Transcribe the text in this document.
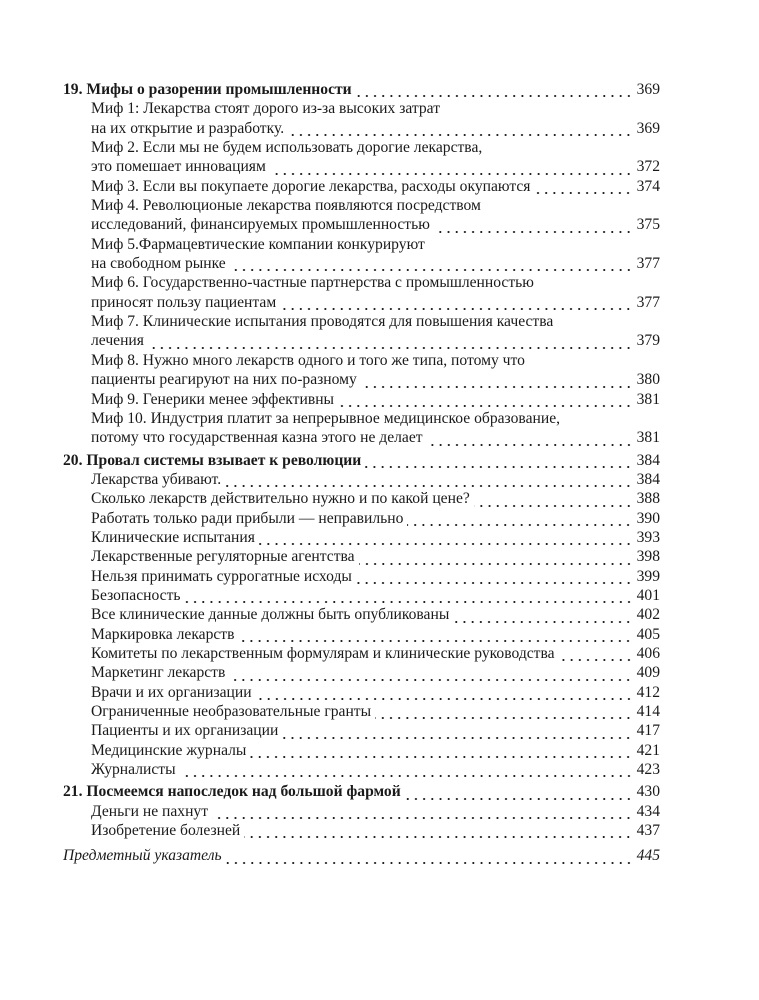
19. Мифы о разорении промышленности	369
Миф 1: Лекарства стоят дорого из-за высоких затрат
на их открытие и разработку.	369
Миф 2. Если мы не будем использовать дорогие лекарства,
это помешает инновациям	372
Миф 3. Если вы покупаете дорогие лекарства, расходы окупаются	374
Миф 4. Революционые лекарства появляются посредством
исследований, финансируемых промышленностью	375
Миф 5.Фармацевтические компании конкурируют
на свободном рынке	377
Миф 6. Государственно-частные партнерства с промышленностью
приносят пользу пациентам	377
Миф 7. Клинические испытания проводятся для повышения качества
лечения	379
Миф 8. Нужно много лекарств одного и того же типа, потому что
пациенты реагируют на них по-разному	380
Миф 9. Генерики менее эффективны	381
Миф 10. Индустрия платит за непрерывное медицинское образование,
потому что государственная казна этого не делает	381
20. Провал системы взывает к революции	384
Лекарства убивают.	384
Сколько лекарств действительно нужно и по какой цене?	388
Работать только ради прибыли — неправильно	390
Клинические испытания	393
Лекарственные регуляторные агентства	398
Нельзя принимать суррогатные исходы	399
Безопасность	401
Все клинические данные должны быть опубликованы	402
Маркировка лекарств	405
Комитеты по лекарственным формулярам и клинические руководства	406
Маркетинг лекарств	409
Врачи и их организации	412
Ограниченные необразовательные гранты	414
Пациенты и их организации	417
Медицинские журналы	421
Журналисты	423
21. Посмеемся напоследок над большой фармой	430
Деньги не пахнут	434
Изобретение болезней	437
Предметный указатель	445
